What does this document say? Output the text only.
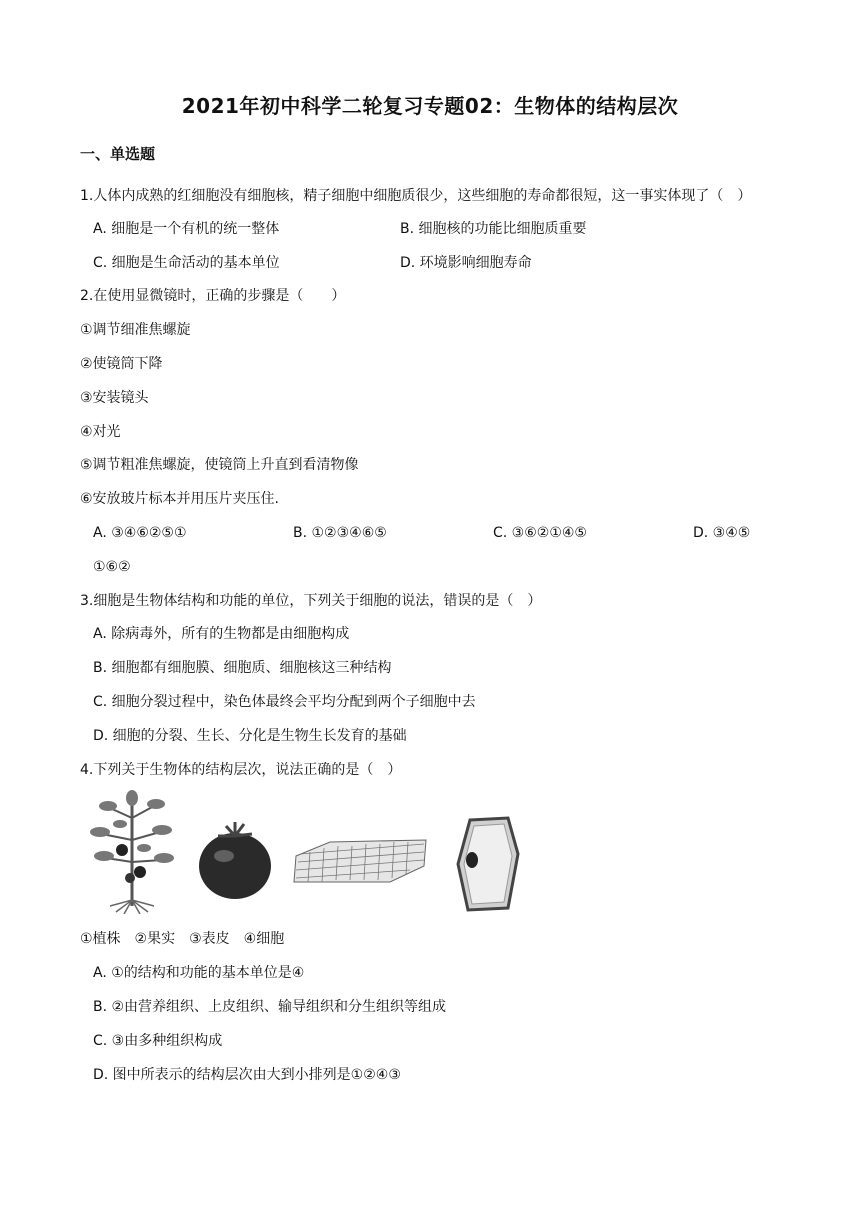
2021年初中科学二轮复习专题02：生物体的结构层次
一、单选题
1.人体内成熟的红细胞没有细胞核，精子细胞中细胞质很少，这些细胞的寿命都很短，这一事实体现了（　）
A. 细胞是一个有机的统一整体	B. 细胞核的功能比细胞质重要
C. 细胞是生命活动的基本单位	D. 环境影响细胞寿命
2.在使用显微镜时，正确的步骤是（　　）
①调节细准焦螺旋
②使镜筒下降
③安装镜头
④对光
⑤调节粗准焦螺旋，使镜筒上升直到看清物像
⑥安放玻片标本并用压片夹压住.
A. ③④⑥②⑤①	B. ①②③④⑥⑤	C. ③⑥②①④⑤	D. ③④⑤
①⑥②
3.细胞是生物体结构和功能的单位，下列关于细胞的说法，错误的是（　）
A. 除病毒外，所有的生物都是由细胞构成
B. 细胞都有细胞膜、细胞质、细胞核这三种结构
C. 细胞分裂过程中，染色体最终会平均分配到两个子细胞中去
D. 细胞的分裂、生长、分化是生物生长发育的基础
4.下列关于生物体的结构层次，说法正确的是（　）
①植株　②果实　③表皮　④细胞
A. ①的结构和功能的基本单位是④
B. ②由营养组织、上皮组织、输导组织和分生组织等组成
C. ③由多种组织构成
D. 图中所表示的结构层次由大到小排列是①②④③
